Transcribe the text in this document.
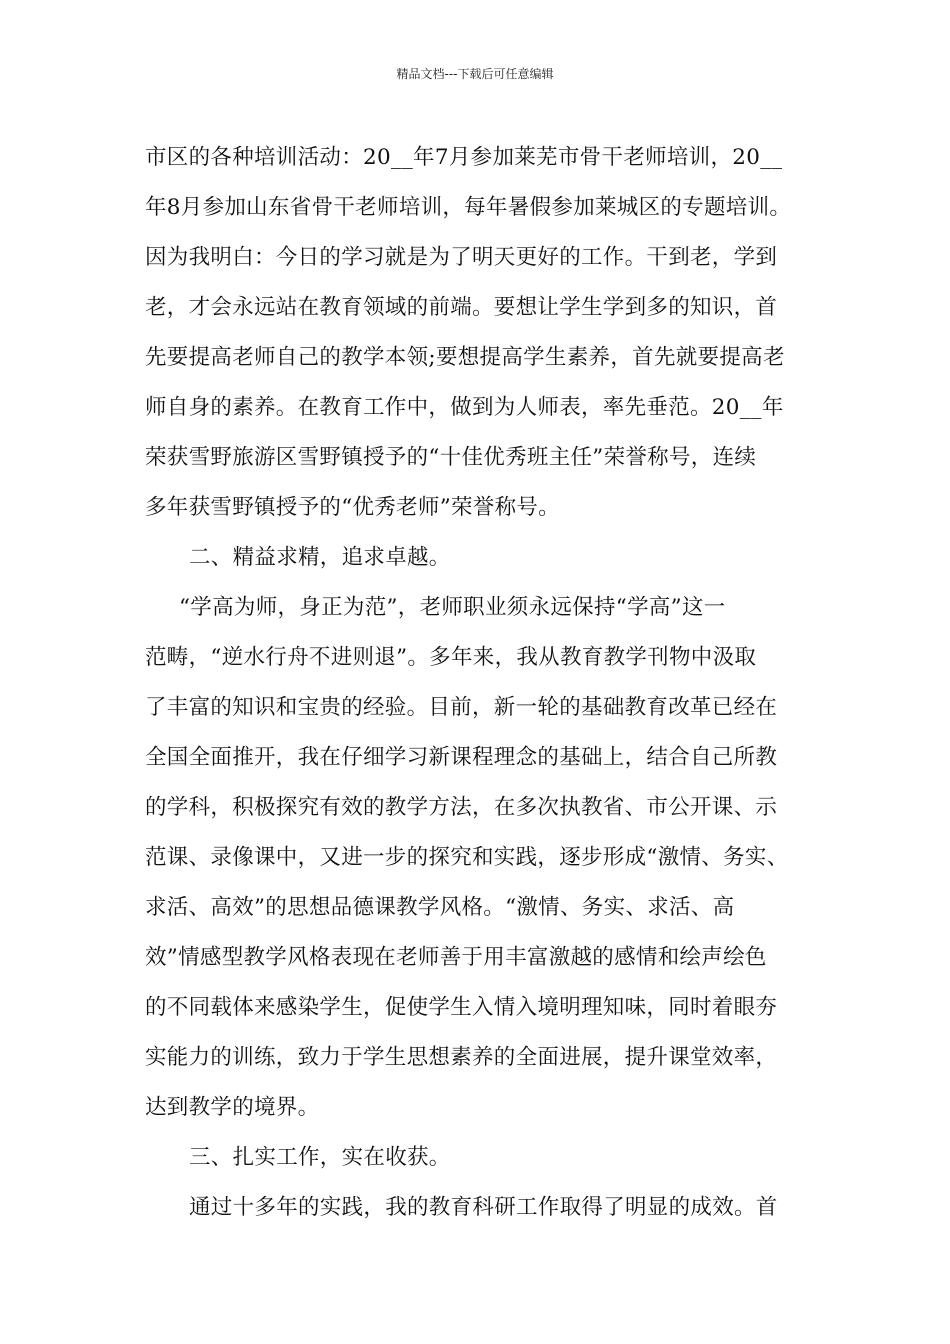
精品文档---下载后可任意编辑
市区的各种培训活动：20__年7月参加莱芜市骨干老师培训，20__
年8月参加山东省骨干老师培训，每年暑假参加莱城区的专题培训。
因为我明白：今日的学习就是为了明天更好的工作。干到老，学到
老，才会永远站在教育领域的前端。要想让学生学到多的知识，首
先要提高老师自己的教学本领;要想提高学生素养，首先就要提高老
师自身的素养。在教育工作中，做到为人师表，率先垂范。20__年
荣获雪野旅游区雪野镇授予的“十佳优秀班主任”荣誉称号，连续
多年获雪野镇授予的“优秀老师”荣誉称号。
二、精益求精，追求卓越。
“学高为师，身正为范”，老师职业须永远保持“学高”这一
范畴，“逆水行舟不进则退”。多年来，我从教育教学刊物中汲取
了丰富的知识和宝贵的经验。目前，新一轮的基础教育改革已经在
全国全面推开，我在仔细学习新课程理念的基础上，结合自己所教
的学科，积极探究有效的教学方法，在多次执教省、市公开课、示
范课、录像课中，又进一步的探究和实践，逐步形成“激情、务实、
求活、高效”的思想品德课教学风格。“激情、务实、求活、高
效”情感型教学风格表现在老师善于用丰富激越的感情和绘声绘色
的不同载体来感染学生，促使学生入情入境明理知味，同时着眼夯
实能力的训练，致力于学生思想素养的全面进展，提升课堂效率，
达到教学的境界。
三、扎实工作，实在收获。
通过十多年的实践，我的教育科研工作取得了明显的成效。首
